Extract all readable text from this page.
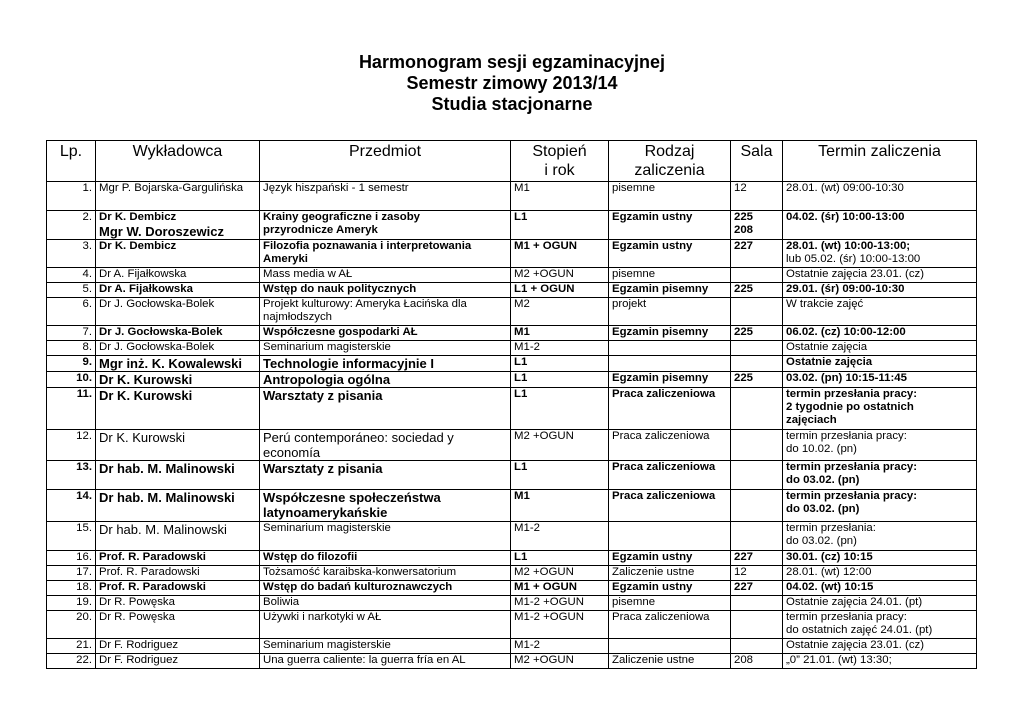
Harmonogram sesji egzaminacyjnej
Semestr zimowy 2013/14
Studia stacjonarne
Lp.	Wykładowca	Przedmiot	Stopień
i rok	Rodzaj
zaliczenia	Sala	Termin zaliczenia
1.	Mgr P. Bojarska-Gargulińska	Język hiszpański - 1 semestr	M1	pisemne	12	28.01. (wt) 09:00-10:30
2.	Dr K. Dembicz
Mgr W. Doroszewicz	Krainy geograficzne i zasoby
przyrodnicze Ameryk	L1	Egzamin ustny	225
208	04.02. (śr) 10:00-13:00
3.	Dr K. Dembicz	Filozofia poznawania i interpretowania
Ameryki	M1 + OGUN	Egzamin ustny	227	28.01. (wt) 10:00-13:00;
lub 05.02. (śr) 10:00-13:00

4.	Dr A. Fijałkowska	Mass media w AŁ	M2 +OGUN	pisemne		Ostatnie zajęcia 23.01. (cz)
5.	Dr A. Fijałkowska	Wstęp do nauk politycznych	L1 + OGUN	Egzamin pisemny	225	29.01. (śr) 09:00-10:30
6.	Dr J. Gocłowska-Bolek	Projekt kulturowy: Ameryka Łacińska dla
najmłodszych	M2	projekt		W trakcie zajęć
7.	Dr J. Gocłowska-Bolek	Współczesne gospodarki AŁ	M1	Egzamin pisemny	225	06.02. (cz) 10:00-12:00
8.	Dr J. Gocłowska-Bolek	Seminarium magisterskie	M1-2			Ostatnie zajęcia
9.	Mgr inż. K. Kowalewski	Technologie informacyjnie I	L1			Ostatnie zajęcia
10.	Dr K. Kurowski	Antropologia ogólna	L1	Egzamin pisemny	225	03.02. (pn) 10:15-11:45
11.	Dr K. Kurowski	Warsztaty z pisania	L1	Praca zaliczeniowa		termin przesłania pracy:
2 tygodnie po ostatnich
zajęciach

12.	Dr K. Kurowski	Perú contemporáneo: sociedad y
economía	M2 +OGUN	Praca zaliczeniowa		termin przesłania pracy:
do 10.02. (pn)

13.	Dr hab. M. Malinowski	Warsztaty z pisania	L1	Praca zaliczeniowa		termin przesłania pracy:
do 03.02. (pn)

14.	Dr hab. M. Malinowski	Współczesne społeczeństwa
latynoamerykańskie	M1	Praca zaliczeniowa		termin przesłania pracy:
do 03.02. (pn)

15.	Dr hab. M. Malinowski	Seminarium magisterskie	M1-2			termin przesłania:
do 03.02. (pn)

16.	Prof. R. Paradowski	Wstęp do filozofii	L1	Egzamin ustny	227	30.01. (cz) 10:15
17.	Prof. R. Paradowski	Tożsamość karaibska-konwersatorium	M2 +OGUN	Zaliczenie ustne	12	28.01. (wt) 12:00
18.	Prof. R. Paradowski	Wstęp do badań kulturoznawczych	M1 + OGUN	Egzamin ustny	227	04.02. (wt) 10:15
19.	Dr R. Powęska	Boliwia	M1-2 +OGUN	pisemne		Ostatnie zajęcia 24.01. (pt)
20.	Dr R. Powęska	Używki i narkotyki w AŁ	M1-2 +OGUN	Praca zaliczeniowa		termin przesłania pracy:
do ostatnich zajęć 24.01. (pt)

21.	Dr F. Rodriguez	Seminarium magisterskie	M1-2			Ostatnie zajęcia 23.01. (cz)
22.	Dr F. Rodriguez	Una guerra caliente: la guerra fría en AL	M2 +OGUN	Zaliczenie ustne	208	„0” 21.01. (wt) 13:30;
